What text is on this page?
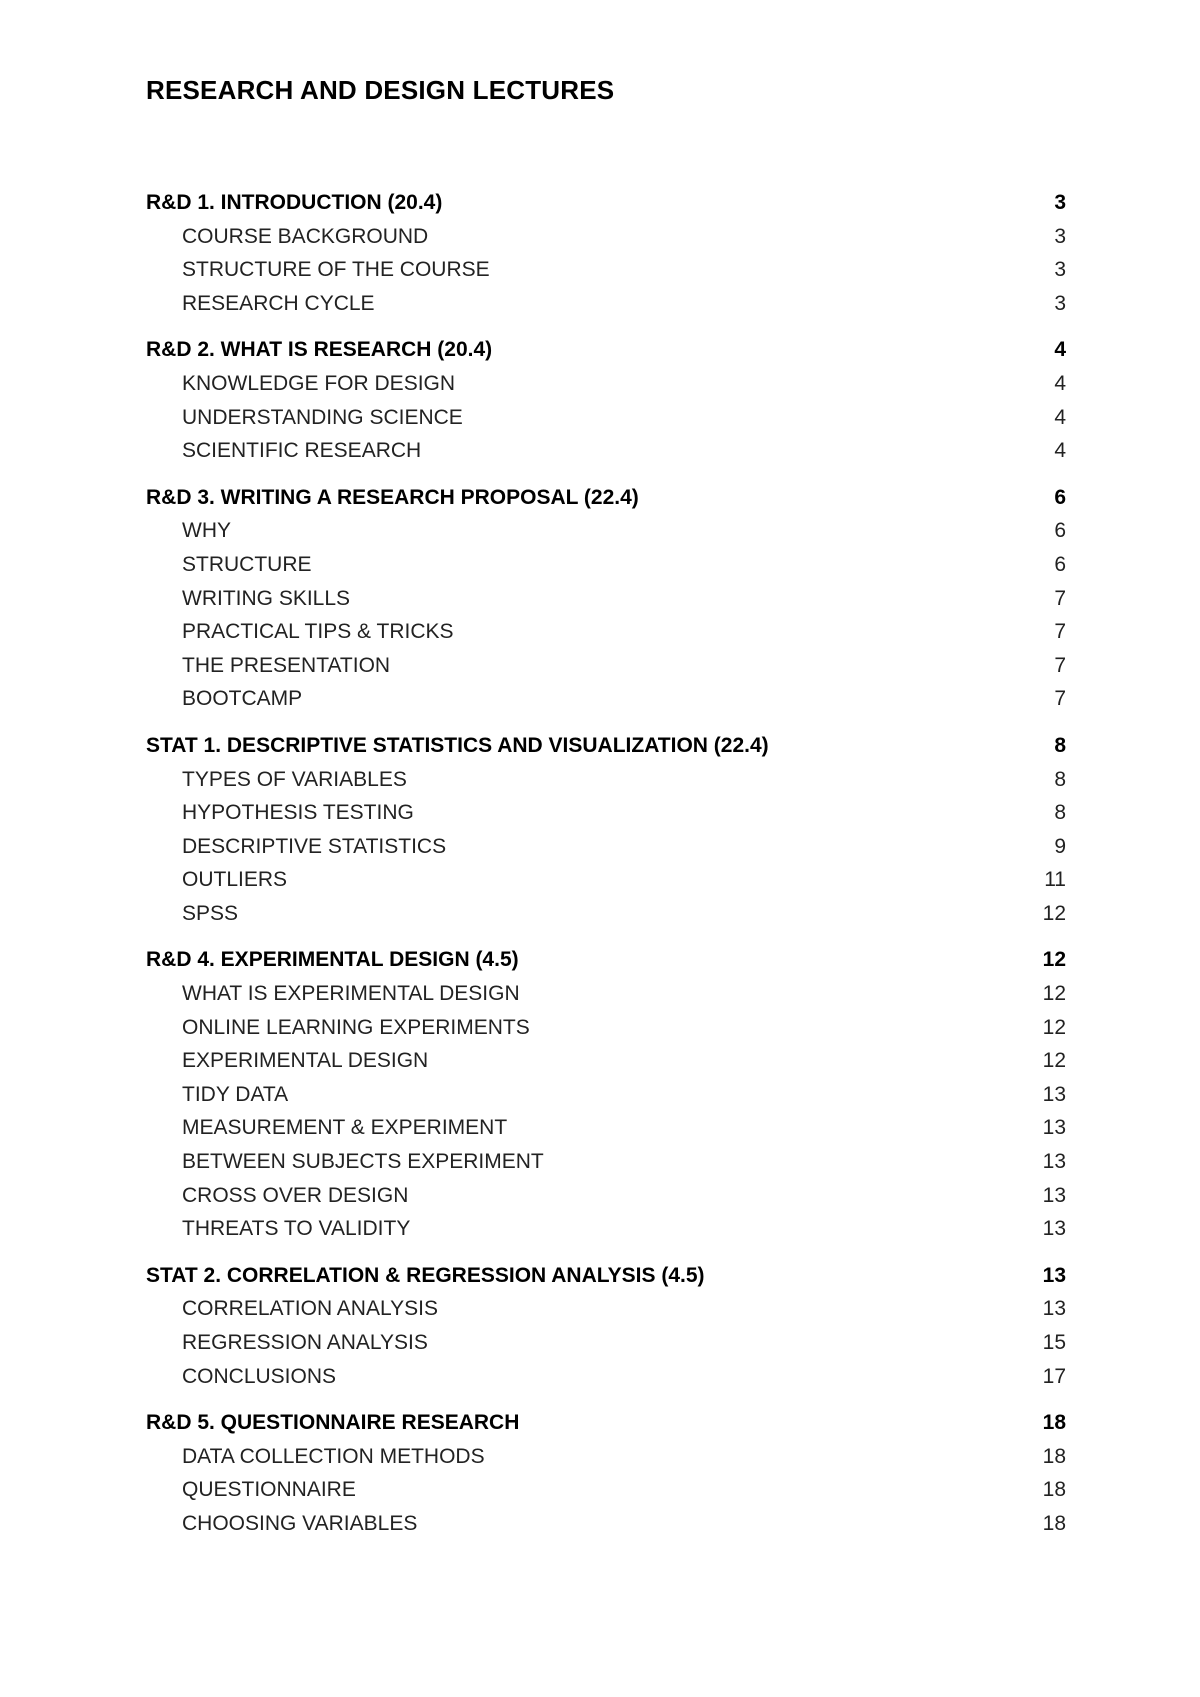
RESEARCH AND DESIGN LECTURES
R&D 1. INTRODUCTION (20.4)	3
COURSE BACKGROUND	3
STRUCTURE OF THE COURSE	3
RESEARCH CYCLE	3
R&D 2. WHAT IS RESEARCH (20.4)	4
KNOWLEDGE FOR DESIGN	4
UNDERSTANDING SCIENCE	4
SCIENTIFIC RESEARCH	4
R&D 3. WRITING A RESEARCH PROPOSAL (22.4)	6
WHY	6
STRUCTURE	6
WRITING SKILLS	7
PRACTICAL TIPS & TRICKS	7
THE PRESENTATION	7
BOOTCAMP	7
STAT 1. DESCRIPTIVE STATISTICS AND VISUALIZATION (22.4)	8
TYPES OF VARIABLES	8
HYPOTHESIS TESTING	8
DESCRIPTIVE STATISTICS	9
OUTLIERS	11
SPSS	12
R&D 4. EXPERIMENTAL DESIGN (4.5)	12
WHAT IS EXPERIMENTAL DESIGN	12
ONLINE LEARNING EXPERIMENTS	12
EXPERIMENTAL DESIGN	12
TIDY DATA	13
MEASUREMENT & EXPERIMENT	13
BETWEEN SUBJECTS EXPERIMENT	13
CROSS OVER DESIGN	13
THREATS TO VALIDITY	13
STAT 2. CORRELATION & REGRESSION ANALYSIS (4.5)	13
CORRELATION ANALYSIS	13
REGRESSION ANALYSIS	15
CONCLUSIONS	17
R&D 5. QUESTIONNAIRE RESEARCH	18
DATA COLLECTION METHODS	18
QUESTIONNAIRE	18
CHOOSING VARIABLES	18
